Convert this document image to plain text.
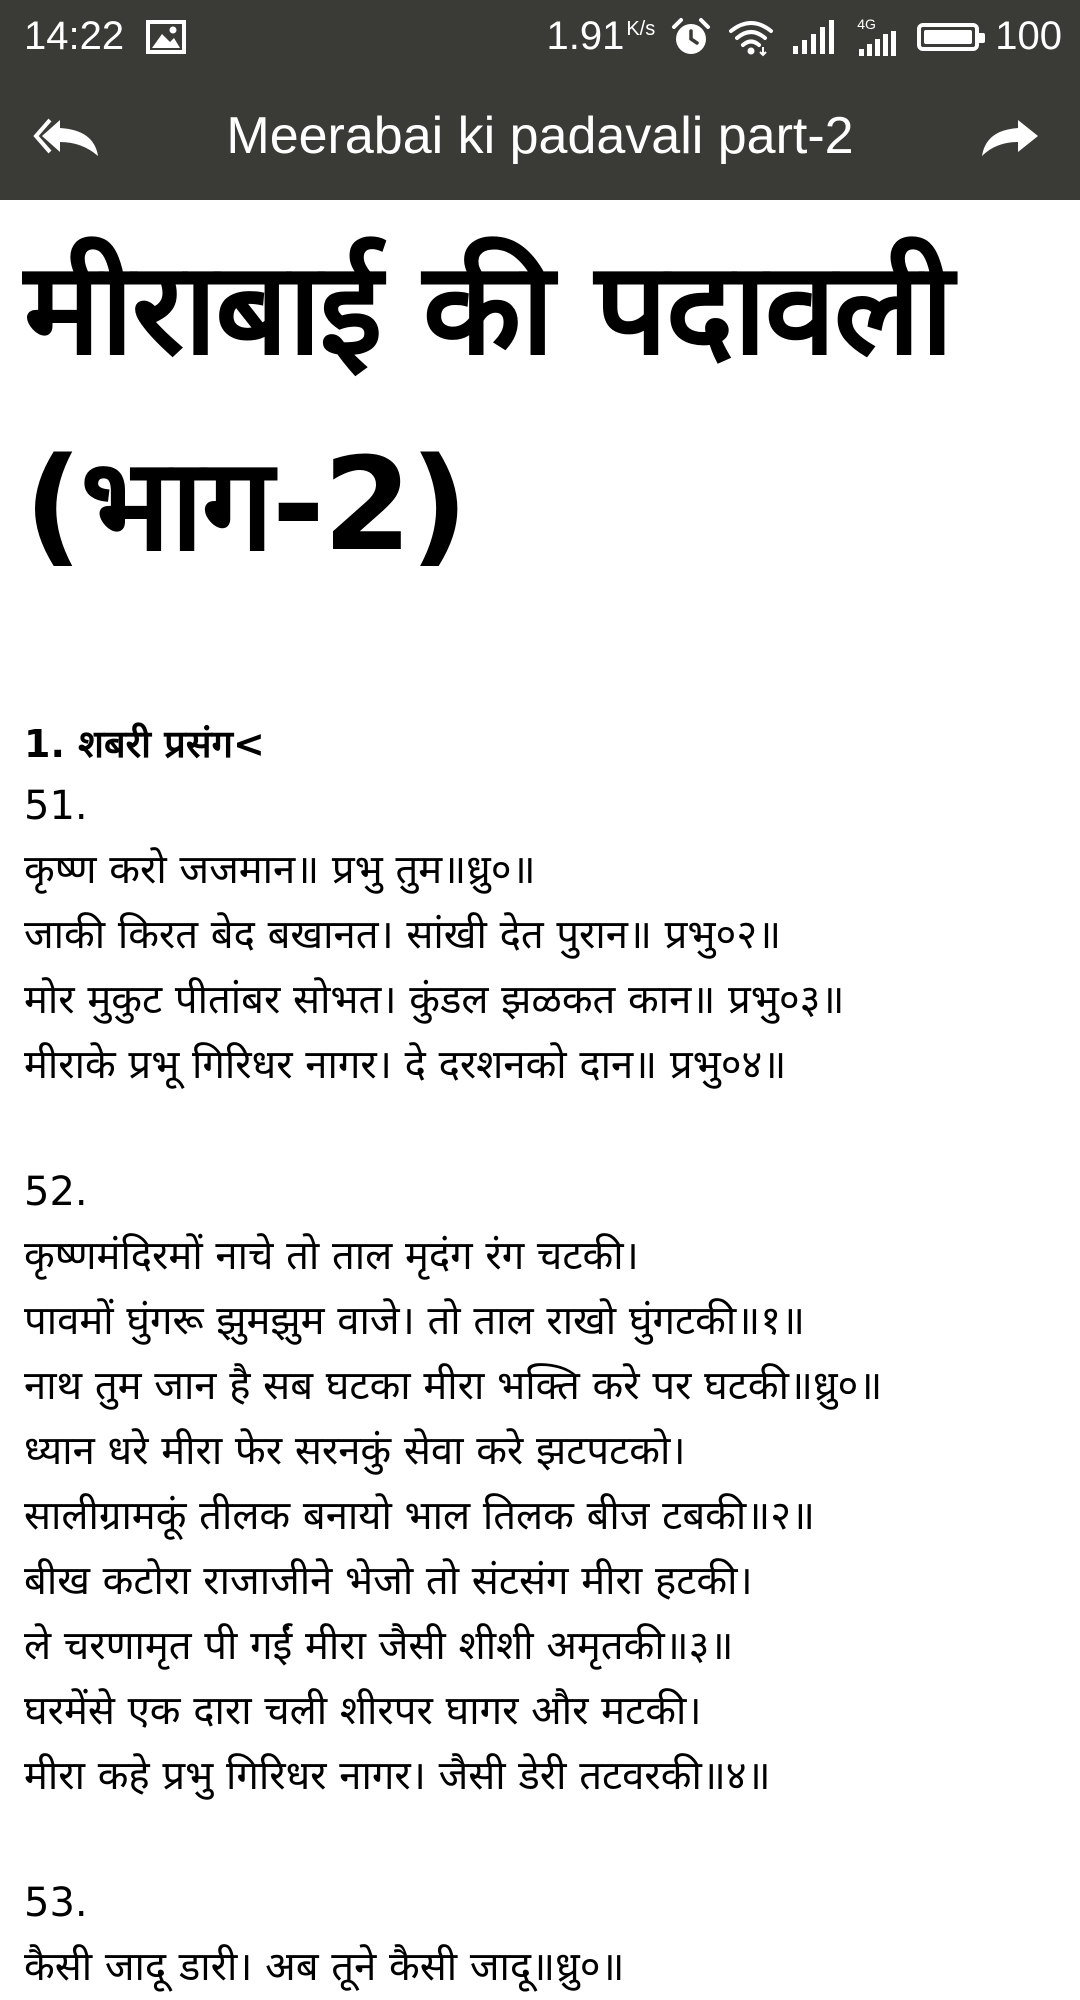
14:22	1.91 $^{K/s}$	4G	100
Meerabai ki padavali part-2
मीराबाई की पदावली (भाग-2)
1. शबरी प्रसंग<

51.

कृष्ण करो जजमान॥ प्रभु तुम॥ध्रु०॥

जाकी किरत बेद बखानत। सांखी देत पुरान॥ प्रभु०२॥

मोर मुकुट पीतांबर सोभत। कुंडल झळकत कान॥ प्रभु०३॥

मीराके प्रभू गिरिधर नागर। दे दरशनको दान॥ प्रभु०४॥

52.

कृष्णमंदिरमों नाचे तो ताल मृदंग रंग चटकी।

पावमों घुंगरू झुमझुम वाजे। तो ताल राखो घुंगटकी॥१॥

नाथ तुम जान है सब घटका मीरा भक्ति करे पर घटकी॥ध्रु०॥

ध्यान धरे मीरा फेर सरनकुं सेवा करे झटपटको।

सालीग्रामकूं तीलक बनायो भाल तिलक बीज टबकी॥२॥

बीख कटोरा राजाजीने भेजो तो संटसंग मीरा हटकी।

ले चरणामृत पी गईं मीरा जैसी शीशी अमृतकी॥३॥

घरमेंसे एक दारा चली शीरपर घागर और मटकी।

मीरा कहे प्रभु गिरिधर नागर। जैसी डेरी तटवरकी॥४॥

53.

कैसी जादू डारी। अब तूने कैसी जादू॥ध्रु०॥
